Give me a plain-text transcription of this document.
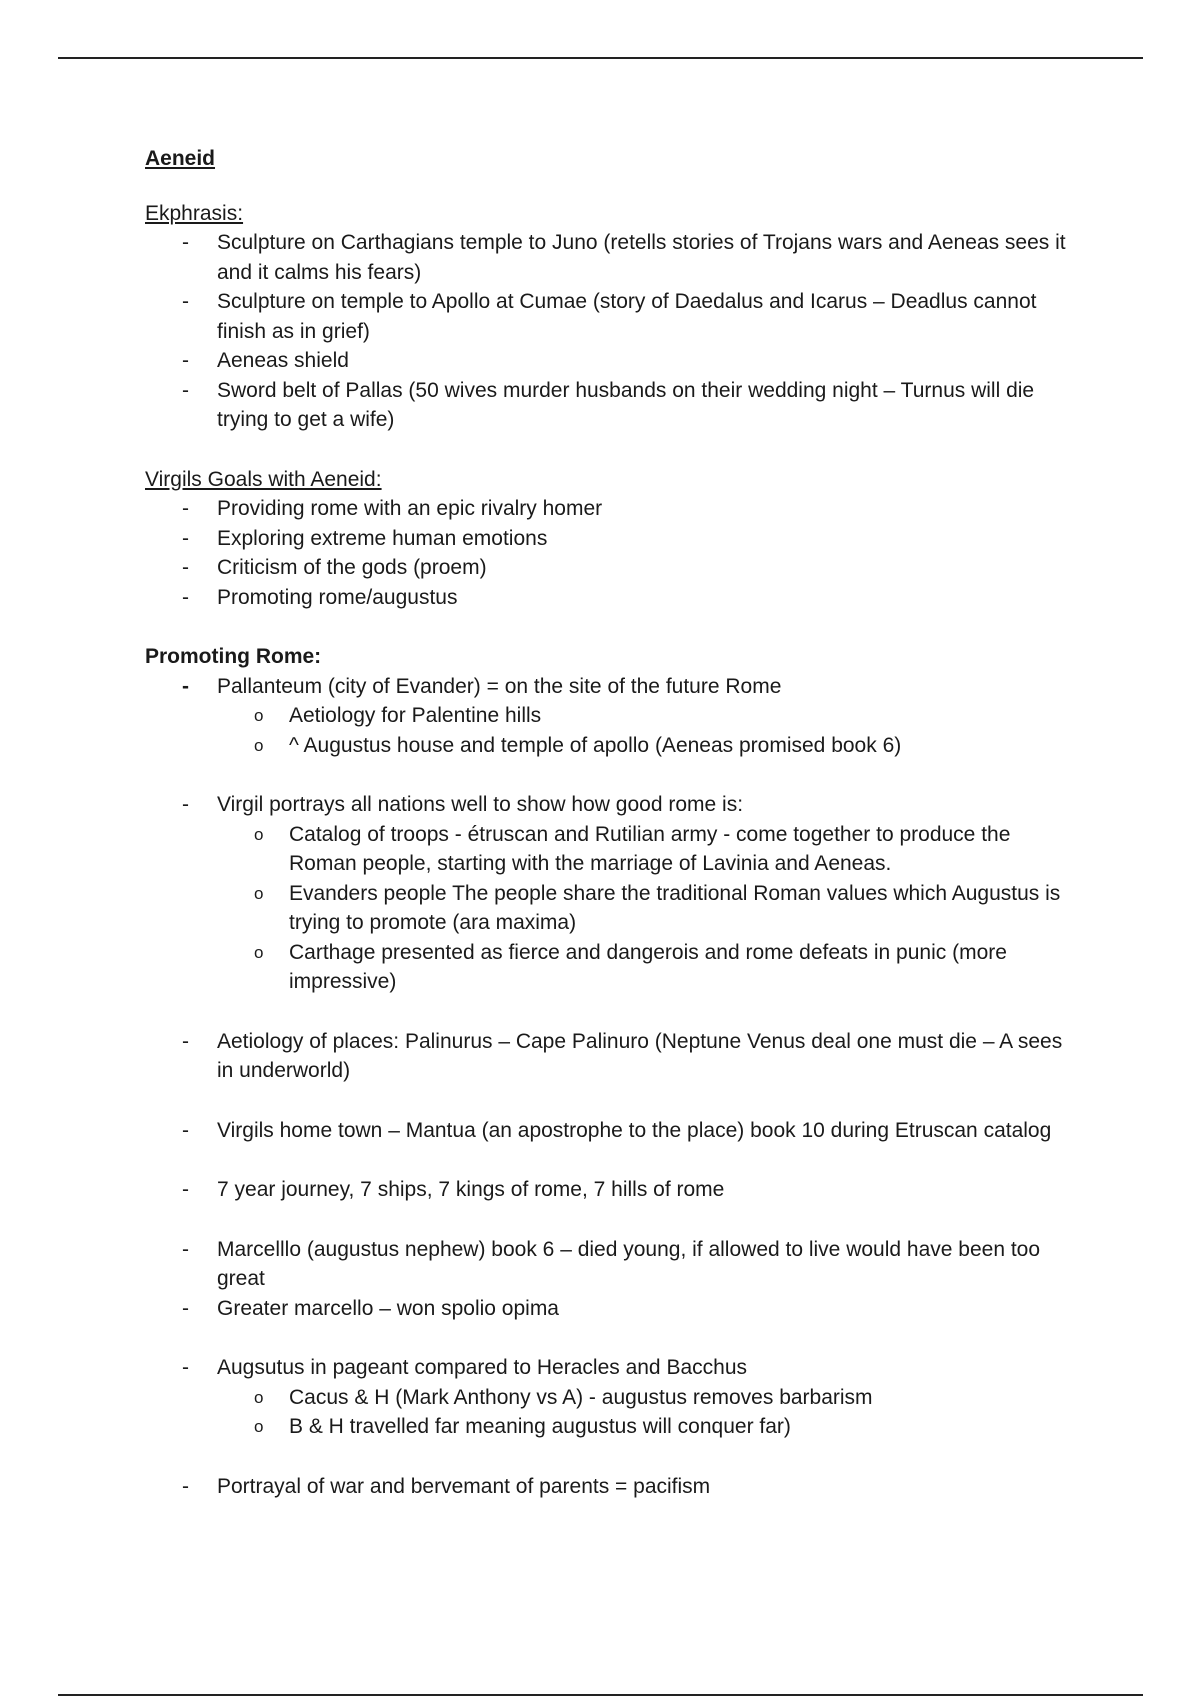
Aeneid
Ekphrasis:
- Sculpture on Carthagians temple to Juno (retells stories of Trojans wars and Aeneas sees it and it calms his fears)
- Sculpture on temple to Apollo at Cumae (story of Daedalus and Icarus – Deadlus cannot finish as in grief)
- Aeneas shield
- Sword belt of Pallas (50 wives murder husbands on their wedding night – Turnus will die trying to get a wife)
Virgils Goals with Aeneid:
- Providing rome with an epic rivalry homer
- Exploring extreme human emotions
- Criticism of the gods (proem)
- Promoting rome/augustus
Promoting Rome:
- Pallanteum (city of Evander) = on the site of the future Rome
o Aetiology for Palentine hills
o ^ Augustus house and temple of apollo (Aeneas promised book 6)
- Virgil portrays all nations well to show how good rome is:
o Catalog of troops - étruscan and Rutilian army - come together to produce the Roman people, starting with the marriage of Lavinia and Aeneas.
o Evanders people The people share the traditional Roman values which Augustus is trying to promote (ara maxima)
o Carthage presented as fierce and dangerois and rome defeats in punic (more impressive)
- Aetiology of places: Palinurus – Cape Palinuro (Neptune Venus deal one must die – A sees in underworld)
- Virgils home town – Mantua (an apostrophe to the place) book 10 during Etruscan catalog
- 7 year journey, 7 ships, 7 kings of rome, 7 hills of rome
- Marcelllo (augustus nephew) book 6 – died young, if allowed to live would have been too great
- Greater marcello – won spolio opima
- Augsutus in pageant compared to Heracles and Bacchus
o Cacus & H (Mark Anthony vs A) - augustus removes barbarism
o B & H travelled far meaning augustus will conquer far)
- Portrayal of war and bervemant of parents = pacifism
